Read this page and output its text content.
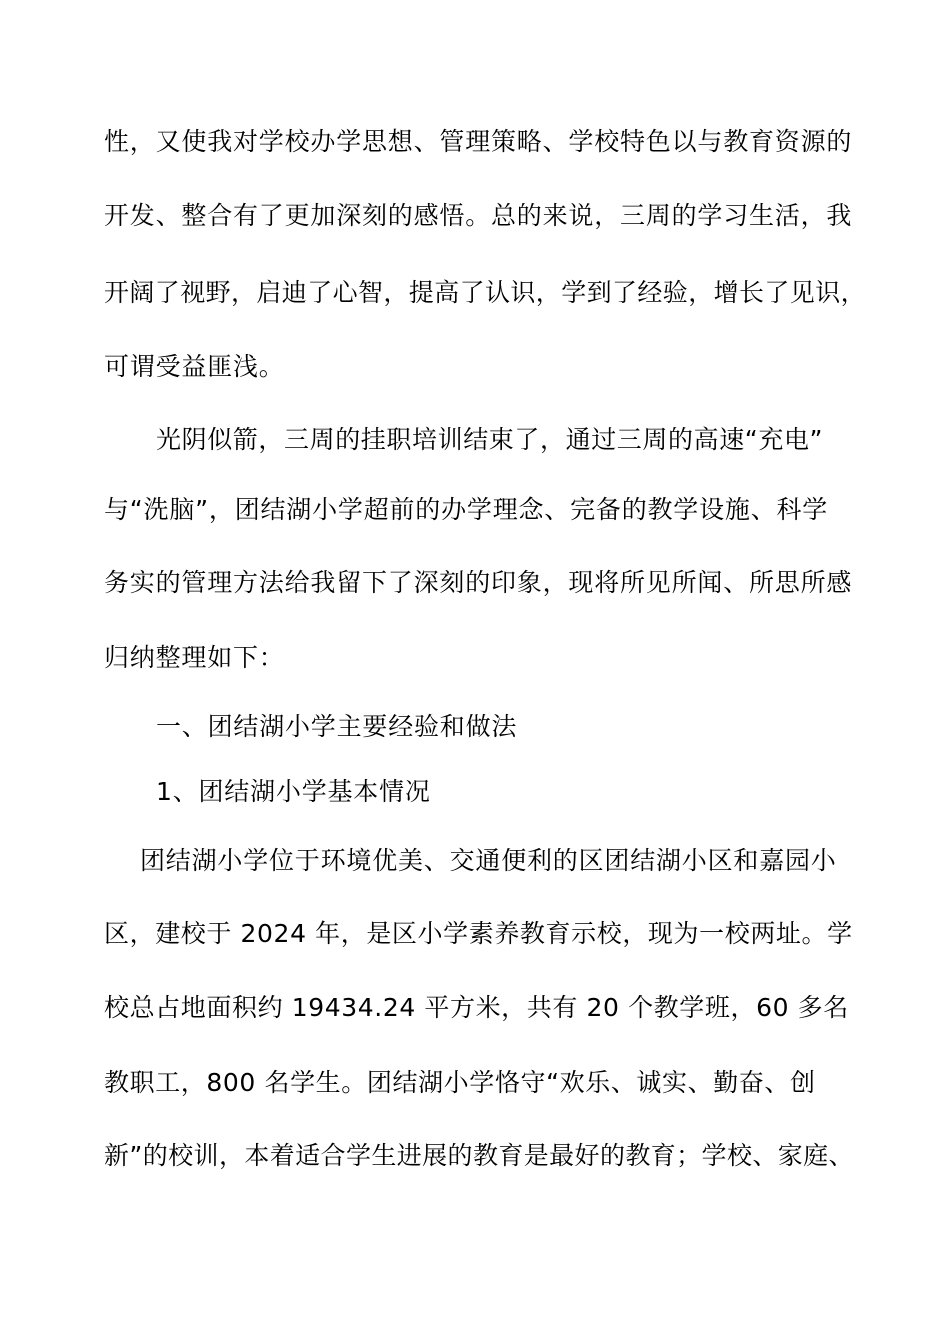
性，又使我对学校办学思想、管理策略、学校特色以与教育资源的
开发、整合有了更加深刻的感悟。总的来说，三周的学习生活，我
开阔了视野，启迪了心智，提高了认识，学到了经验，增长了见识，
可谓受益匪浅。
光阴似箭，三周的挂职培训结束了，通过三周的高速“充电”
与“洗脑”，团结湖小学超前的办学理念、完备的教学设施、科学
务实的管理方法给我留下了深刻的印象，现将所见所闻、所思所感
归纳整理如下：
一、团结湖小学主要经验和做法
1、团结湖小学基本情况
团结湖小学位于环境优美、交通便利的区团结湖小区和嘉园小
区，建校于 2024 年，是区小学素养教育示校，现为一校两址。学
校总占地面积约 19434.24 平方米，共有 20 个教学班，60 多名
教职工，800 名学生。团结湖小学恪守“欢乐、诚实、勤奋、创
新”的校训，本着适合学生进展的教育是最好的教育；学校、家庭、
